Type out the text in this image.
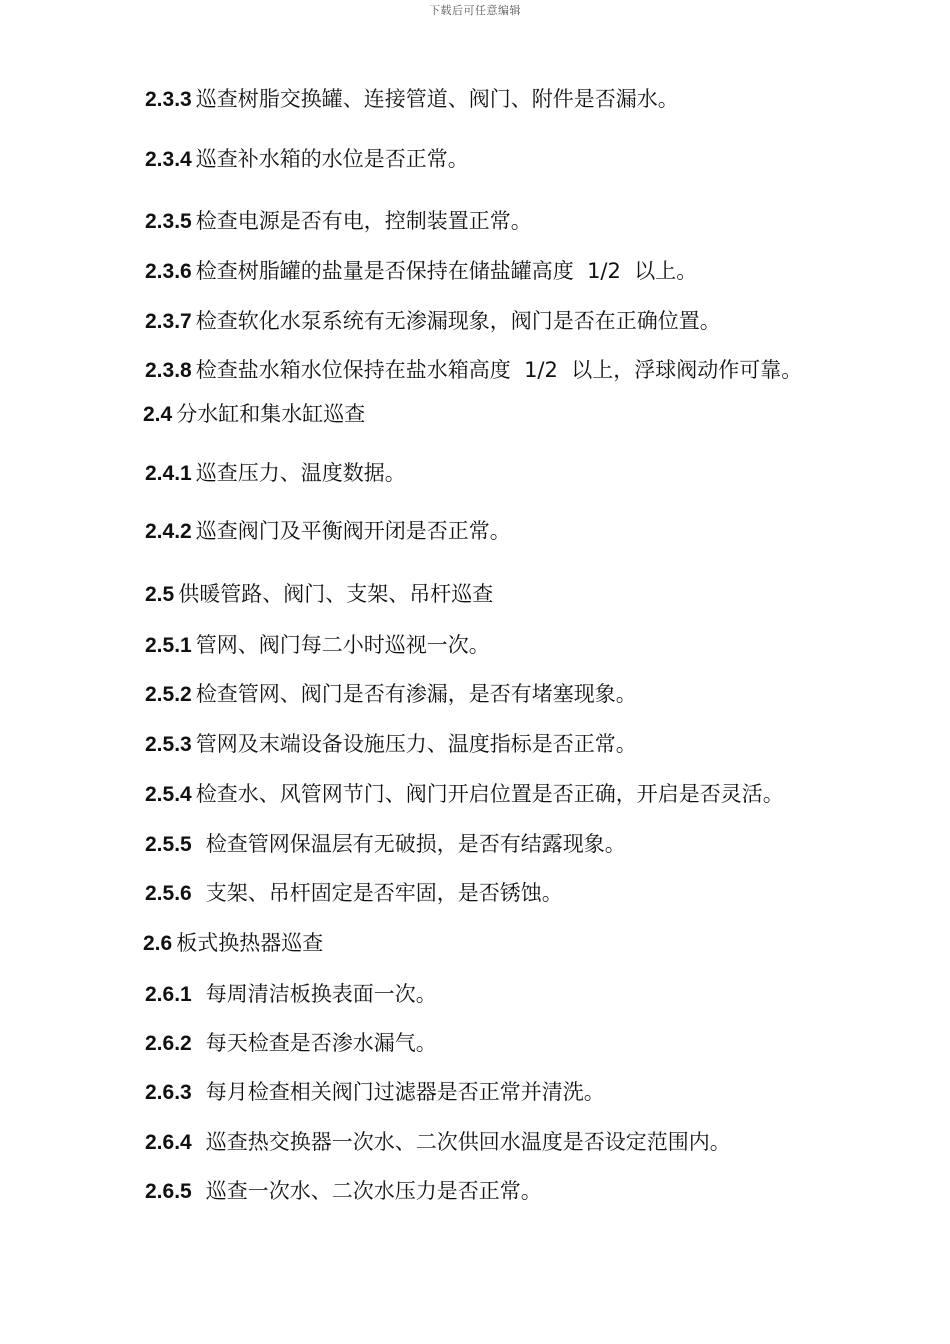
下载后可任意编辑
2.3.3 巡查树脂交换罐、连接管道、阀门、附件是否漏水。
2.3.4 巡查补水箱的水位是否正常。
2.3.5 检查电源是否有电，控制装置正常。
2.3.6 检查树脂罐的盐量是否保持在储盐罐高度  1/2  以上。
2.3.7 检查软化水泵系统有无渗漏现象，阀门是否在正确位置。
2.3.8 检查盐水箱水位保持在盐水箱高度  1/2  以上，浮球阀动作可靠。
2.4 分水缸和集水缸巡查
2.4.1 巡查压力、温度数据。
2.4.2 巡查阀门及平衡阀开闭是否正常。
2.5 供暖管路、阀门、支架、吊杆巡查
2.5.1 管网、阀门每二小时巡视一次。
2.5.2 检查管网、阀门是否有渗漏，是否有堵塞现象。
2.5.3 管网及末端设备设施压力、温度指标是否正常。
2.5.4 检查水、风管网节门、阀门开启位置是否正确，开启是否灵活。
2.5.5 检查管网保温层有无破损，是否有结露现象。
2.5.6 支架、吊杆固定是否牢固，是否锈蚀。
2.6 板式换热器巡查
2.6.1 每周清洁板换表面一次。
2.6.2 每天检查是否渗水漏气。
2.6.3 每月检查相关阀门过滤器是否正常并清洗。
2.6.4 巡查热交换器一次水、二次供回水温度是否设定范围内。
2.6.5 巡查一次水、二次水压力是否正常。
